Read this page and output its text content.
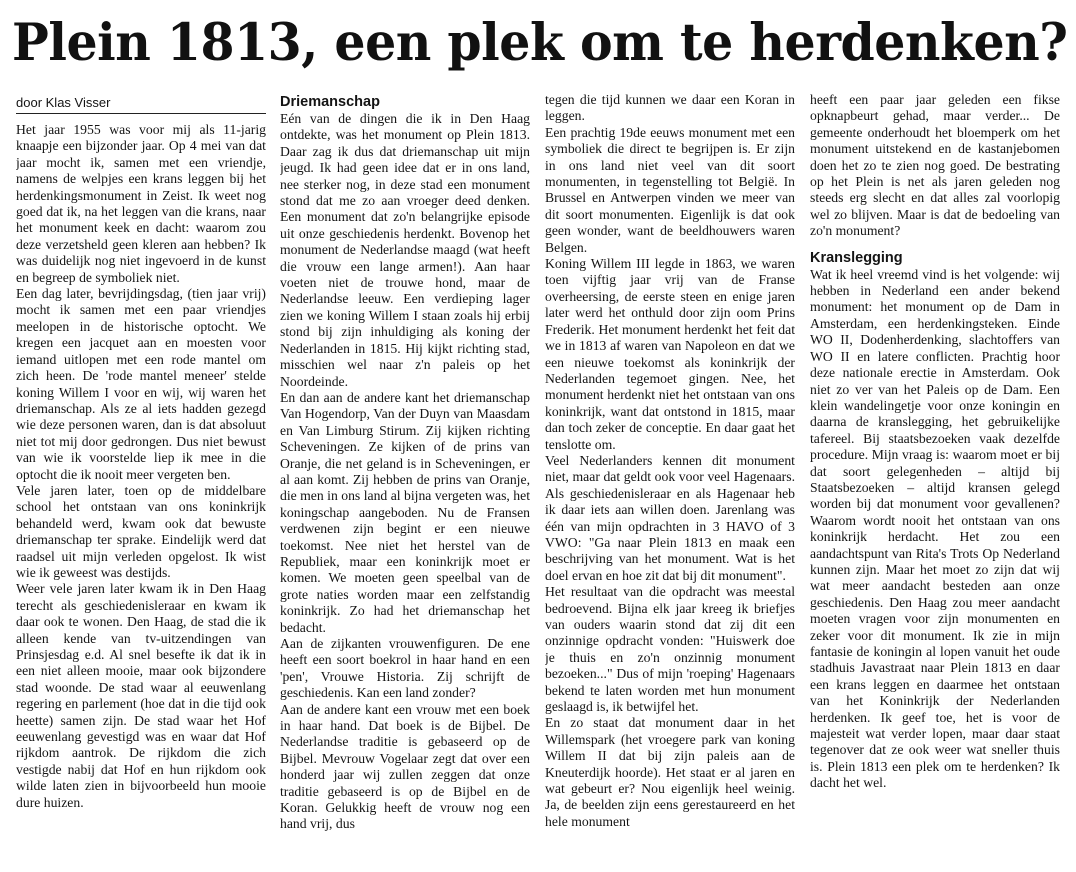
Plein 1813, een plek om te herdenken?
door Klas Visser

Het jaar 1955 was voor mij als 11-jarig knaapje een bijzonder jaar. Op 4 mei van dat jaar mocht ik, samen met een vriendje, namens de welpjes een krans leggen bij het herdenkingsmonument in Zeist. Ik weet nog goed dat ik, na het leggen van die krans, naar het monument keek en dacht: waarom zou deze verzetsheld geen kleren aan hebben? Ik was duidelijk nog niet ingevoerd in de kunst en begreep de symboliek niet.

Een dag later, bevrijdingsdag, (tien jaar vrij) mocht ik samen met een paar vriendjes meelopen in de historische optocht. We kregen een jacquet aan en moesten voor iemand uitlopen met een rode mantel om zich heen. De 'rode mantel meneer' stelde koning Willem I voor en wij, wij waren het driemanschap. Als ze al iets hadden gezegd wie deze personen waren, dan is dat absoluut niet tot mij door gedrongen. Dus niet bewust van wie ik voorstelde liep ik mee in die optocht die ik nooit meer vergeten ben.

Vele jaren later, toen op de middelbare school het ontstaan van ons koninkrijk behandeld werd, kwam ook dat bewuste driemanschap ter sprake. Eindelijk werd dat raadsel uit mijn verleden opgelost. Ik wist wie ik geweest was destijds.

Weer vele jaren later kwam ik in Den Haag terecht als geschiedenisleraar en kwam ik daar ook te wonen. Den Haag, de stad die ik alleen kende van tv-uitzendingen van Prinsjesdag e.d. Al snel besefte ik dat ik in een niet alleen mooie, maar ook bijzondere stad woonde. De stad waar al eeuwenlang regering en parlement (hoe dat in die tijd ook heette) samen zijn. De stad waar het Hof eeuwenlang gevestigd was en waar dat Hof rijkdom aantrok. De rijkdom die zich vestigde nabij dat Hof en hun rijkdom ook wilde laten zien in bijvoorbeeld hun mooie dure huizen.

Driemanschap

Eén van de dingen die ik in Den Haag ontdekte, was het monument op Plein 1813. Daar zag ik dus dat driemanschap uit mijn jeugd. Ik had geen idee dat er in ons land, nee sterker nog, in deze stad een monument stond dat me zo aan vroeger deed denken. Een monument dat zo'n belangrijke episode uit onze geschiedenis herdenkt. Bovenop het monument de Nederlandse maagd (wat heeft die vrouw een lange armen!). Aan haar voeten niet de trouwe hond, maar de Nederlandse leeuw. Een verdieping lager zien we koning Willem I staan zoals hij erbij stond bij zijn inhuldiging als koning der Nederlanden in 1815. Hij kijkt richting stad, misschien wel naar z'n paleis op het Noordeinde.

En dan aan de andere kant het driemanschap Van Hogendorp, Van der Duyn van Maasdam en Van Limburg Stirum. Zij kijken richting Scheveningen. Ze kijken of de prins van Oranje, die net geland is in Scheveningen, er al aan komt. Zij hebben de prins van Oranje, die men in ons land al bijna vergeten was, het koningschap aangeboden. Nu de Fransen verdwenen zijn begint er een nieuwe toekomst. Nee niet het herstel van de Republiek, maar een koninkrijk moet er komen. We moeten geen speelbal van de grote naties worden maar een zelfstandig koninkrijk. Zo had het driemanschap het bedacht.

Aan de zijkanten vrouwenfiguren. De ene heeft een soort boekrol in haar hand en een 'pen', Vrouwe Historia. Zij schrijft de geschiedenis. Kan een land zonder?

Aan de andere kant een vrouw met een boek in haar hand. Dat boek is de Bijbel. De Nederlandse traditie is gebaseerd op de Bijbel. Mevrouw Vogelaar zegt dat over een honderd jaar wij zullen zeggen dat onze traditie gebaseerd is op de Bijbel en de Koran. Gelukkig heeft de vrouw nog een hand vrij, dus

tegen die tijd kunnen we daar een Koran in leggen.

Een prachtig 19de eeuws monument met een symboliek die direct te begrijpen is. Er zijn in ons land niet veel van dit soort monumenten, in tegenstelling tot België. In Brussel en Antwerpen vinden we meer van dit soort monumenten. Eigenlijk is dat ook geen wonder, want de beeldhouwers waren Belgen.

Koning Willem III legde in 1863, we waren toen vijftig jaar vrij van de Franse overheersing, de eerste steen en enige jaren later werd het onthuld door zijn oom Prins Frederik. Het monument herdenkt het feit dat we in 1813 af waren van Napoleon en dat we een nieuwe toekomst als koninkrijk der Nederlanden tegemoet gingen. Nee, het monument herdenkt niet het ontstaan van ons koninkrijk, want dat ontstond in 1815, maar dan toch zeker de conceptie. En daar gaat het tenslotte om.

Veel Nederlanders kennen dit monument niet, maar dat geldt ook voor veel Hagenaars. Als geschiedenisleraar en als Hagenaar heb ik daar iets aan willen doen. Jarenlang was één van mijn opdrachten in 3 HAVO of 3 VWO: "Ga naar Plein 1813 en maak een beschrijving van het monument. Wat is het doel ervan en hoe zit dat bij dit monument".

Het resultaat van die opdracht was meestal bedroevend. Bijna elk jaar kreeg ik briefjes van ouders waarin stond dat zij dit een onzinnige opdracht vonden: "Huiswerk doe je thuis en zo'n onzinnig monument bezoeken..." Dus of mijn 'roeping' Hagenaars bekend te laten worden met hun monument geslaagd is, ik betwijfel het.

En zo staat dat monument daar in het Willemspark (het vroegere park van koning Willem II dat bij zijn paleis aan de Kneuterdijk hoorde). Het staat er al jaren en wat gebeurt er? Nou eigenlijk heel weinig. Ja, de beelden zijn eens gerestaureerd en het hele monument

heeft een paar jaar geleden een fikse opknapbeurt gehad, maar verder... De gemeente onderhoudt het bloemperk om het monument uitstekend en de kastanjebomen doen het zo te zien nog goed. De bestrating op het Plein is net als jaren geleden nog steeds erg slecht en dat alles zal voorlopig wel zo blijven. Maar is dat de bedoeling van zo'n monument?

Kranslegging

Wat ik heel vreemd vind is het volgende: wij hebben in Nederland een ander bekend monument: het monument op de Dam in Amsterdam, een herdenkingsteken. Einde WO II, Dodenherdenking, slachtoffers van WO II en latere conflicten. Prachtig hoor deze nationale erectie in Amsterdam. Ook niet zo ver van het Paleis op de Dam. Een klein wandelingetje voor onze koningin en daarna de kranslegging, het gebruikelijke tafereel. Bij staatsbezoeken vaak dezelfde procedure. Mijn vraag is: waarom moet er bij dat soort gelegenheden – altijd bij Staatsbezoeken – altijd kransen gelegd worden bij dat monument voor gevallenen? Waarom wordt nooit het ontstaan van ons koninkrijk herdacht. Het zou een aandachtspunt van Rita's Trots Op Nederland kunnen zijn. Maar het moet zo zijn dat wij wat meer aandacht besteden aan onze geschiedenis. Den Haag zou meer aandacht moeten vragen voor zijn monumenten en zeker voor dit monument. Ik zie in mijn fantasie de koningin al lopen vanuit het oude stadhuis Javastraat naar Plein 1813 en daar een krans leggen en daarmee het ontstaan van het Koninkrijk der Nederlanden herdenken. Ik geef toe, het is voor de majesteit wat verder lopen, maar daar staat tegenover dat ze ook weer wat sneller thuis is. Plein 1813 een plek om te herdenken? Ik dacht het wel.
